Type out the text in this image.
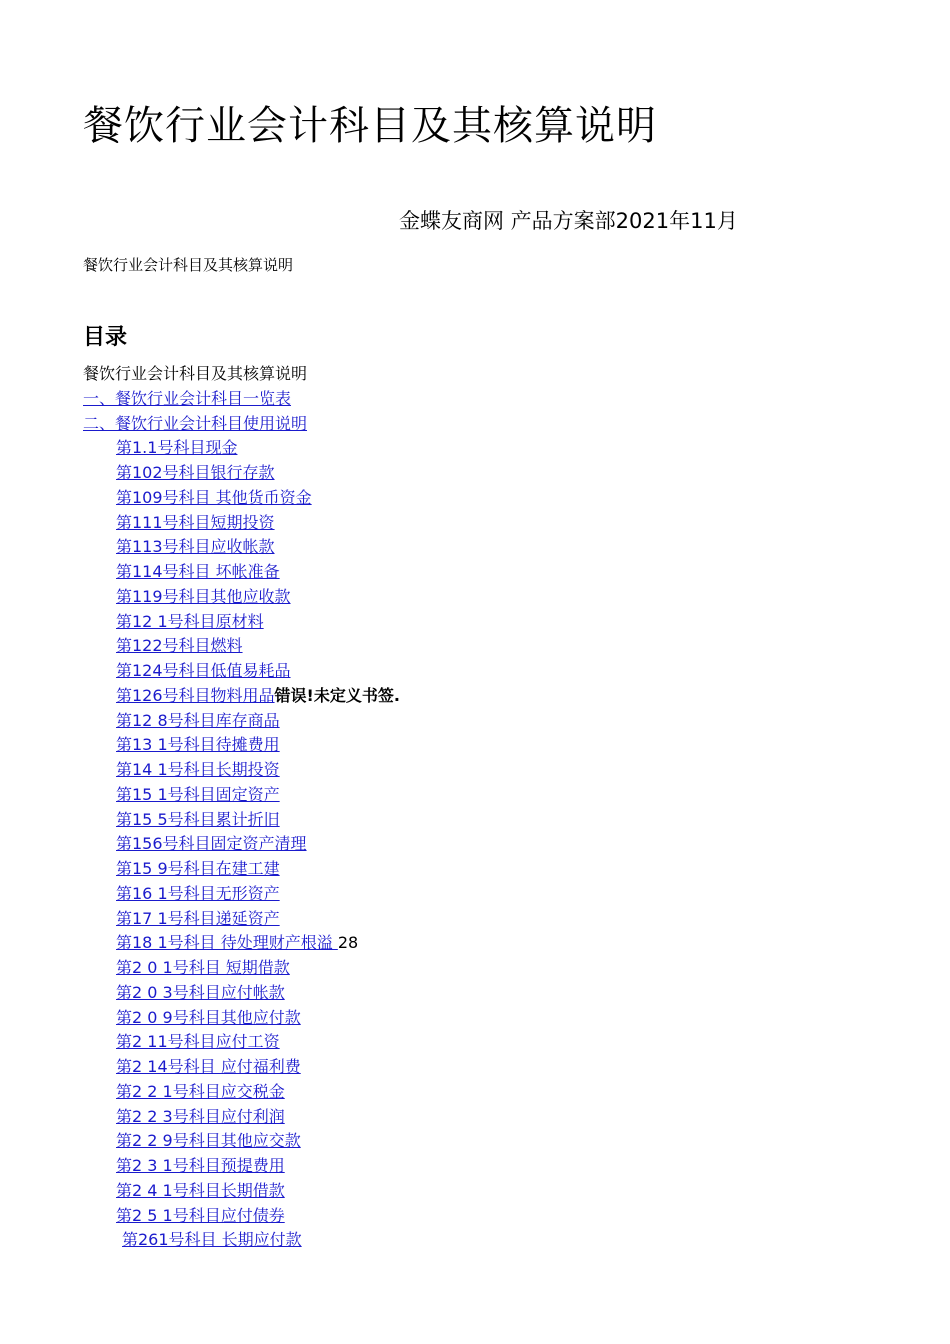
餐饮行业会计科目及其核算说明
金蝶友商网 产品方案部2021年11月
餐饮行业会计科目及其核算说明
目录
餐饮行业会计科目及其核算说明
一、餐饮行业会计科目一览表
二、餐饮行业会计科目使用说明
第1.1号科目现金
第102号科目银行存款
第109号科目 其他货币资金
第111号科目短期投资
第113号科目应收帐款
第114号科目 坏帐准备
第119号科目其他应收款
第12 1号科目原材料
第122号科目燃料
第124号科目低值易耗品
第126号科目物料用品错误!未定义书签.
第12 8号科目库存商品
第13 1号科目待摊费用
第14 1号科目长期投资
第15 1号科目固定资产
第15 5号科目累计折旧
第156号科目固定资产清理
第15 9号科目在建工建
第16 1号科目无形资产
第17 1号科目递延资产
第18 1号科目 待处理财产根溢 28
第2 0 1号科目 短期借款
第2 0 3号科目应付帐款
第2 0 9号科目其他应付款
第2 11号科目应付工资
第2 14号科目 应付福利费
第2 2 1号科目应交税金
第2 2 3号科目应付利润
第2 2 9号科目其他应交款
第2 3 1号科目预提费用
第2 4 1号科目长期借款
第2 5 1号科目应付债券
第261号科目 长期应付款
